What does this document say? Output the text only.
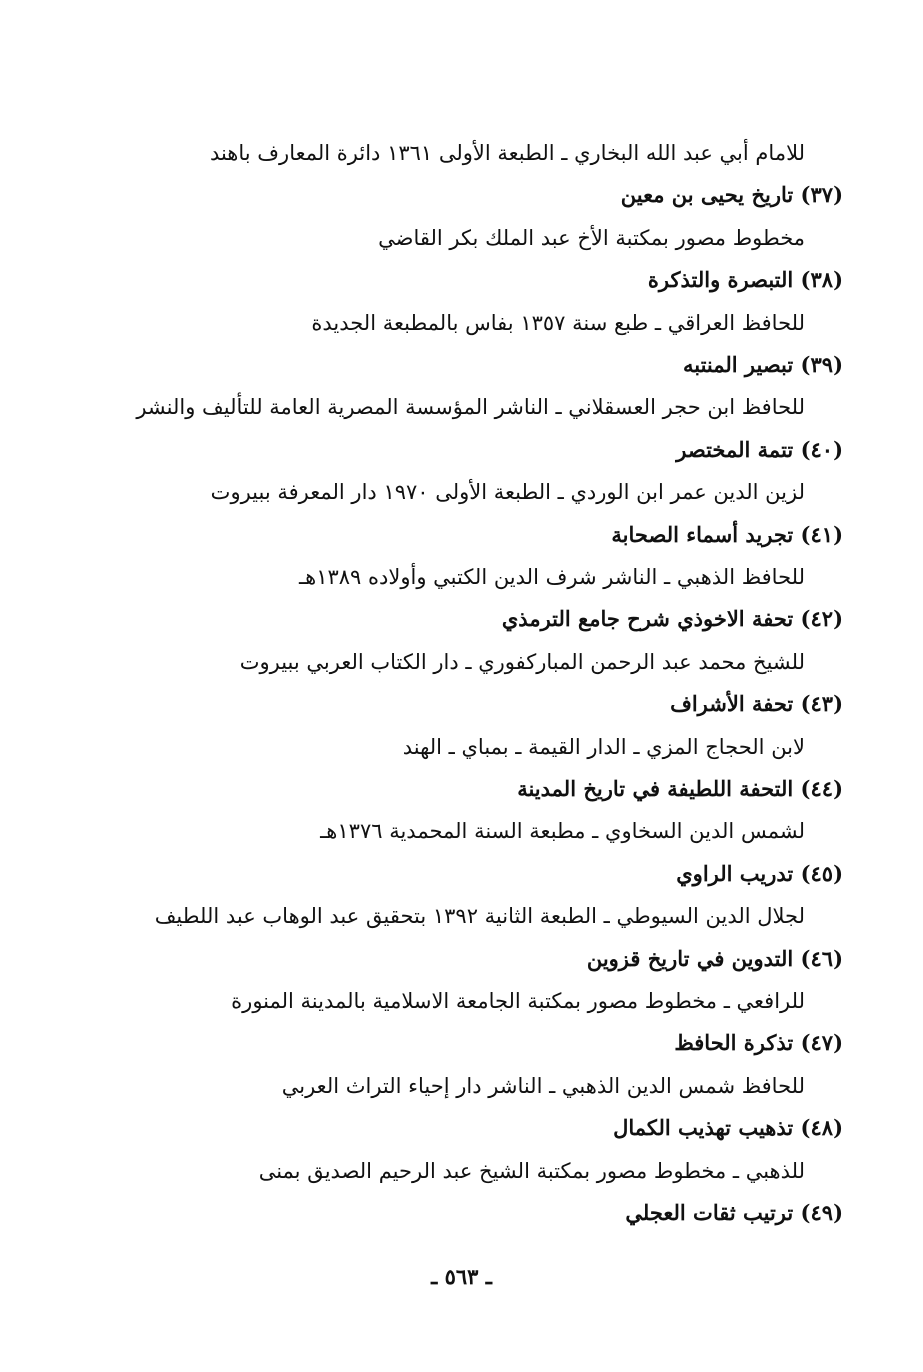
للامام أبي عبد الله البخاري ـ الطبعة الأولى ١٣٦١ دائرة المعارف باهند
(٣٧) تاريخ يحيى بن معين
مخطوط مصور بمكتبة الأخ عبد الملك بكر القاضي
(٣٨) التبصرة والتذكرة
للحافظ العراقي ـ طبع سنة ١٣٥٧ بفاس بالمطبعة الجديدة
(٣٩) تبصير المنتبه
للحافظ ابن حجر العسقلاني ـ الناشر المؤسسة المصرية العامة للتأليف والنشر
(٤٠) تتمة المختصر
لزين الدين عمر ابن الوردي ـ الطبعة الأولى ١٩٧٠ دار المعرفة ببيروت
(٤١) تجريد أسماء الصحابة
للحافظ الذهبي ـ الناشر شرف الدين الكتبي وأولاده ١٣٨٩هـ
(٤٢) تحفة الاخوذي شرح جامع الترمذي
للشيخ محمد عبد الرحمن المباركفوري ـ دار الكتاب العربي ببيروت
(٤٣) تحفة الأشراف
لابن الحجاج المزي ـ الدار القيمة ـ بمباي ـ الهند
(٤٤) التحفة اللطيفة في تاريخ المدينة
لشمس الدين السخاوي ـ مطبعة السنة المحمدية ١٣٧٦هـ
(٤٥) تدريب الراوي
لجلال الدين السيوطي ـ الطبعة الثانية ١٣٩٢ بتحقيق عبد الوهاب عبد اللطيف
(٤٦) التدوين في تاريخ قزوين
للرافعي ـ مخطوط مصور بمكتبة الجامعة الاسلامية بالمدينة المنورة
(٤٧) تذكرة الحافظ
للحافظ شمس الدين الذهبي ـ الناشر دار إحياء التراث العربي
(٤٨) تذهيب تهذيب الكمال
للذهبي ـ مخطوط مصور بمكتبة الشيخ عبد الرحيم الصديق بمنى
(٤٩) ترتيب ثقات العجلي
ـ ٥٦٣ ـ
